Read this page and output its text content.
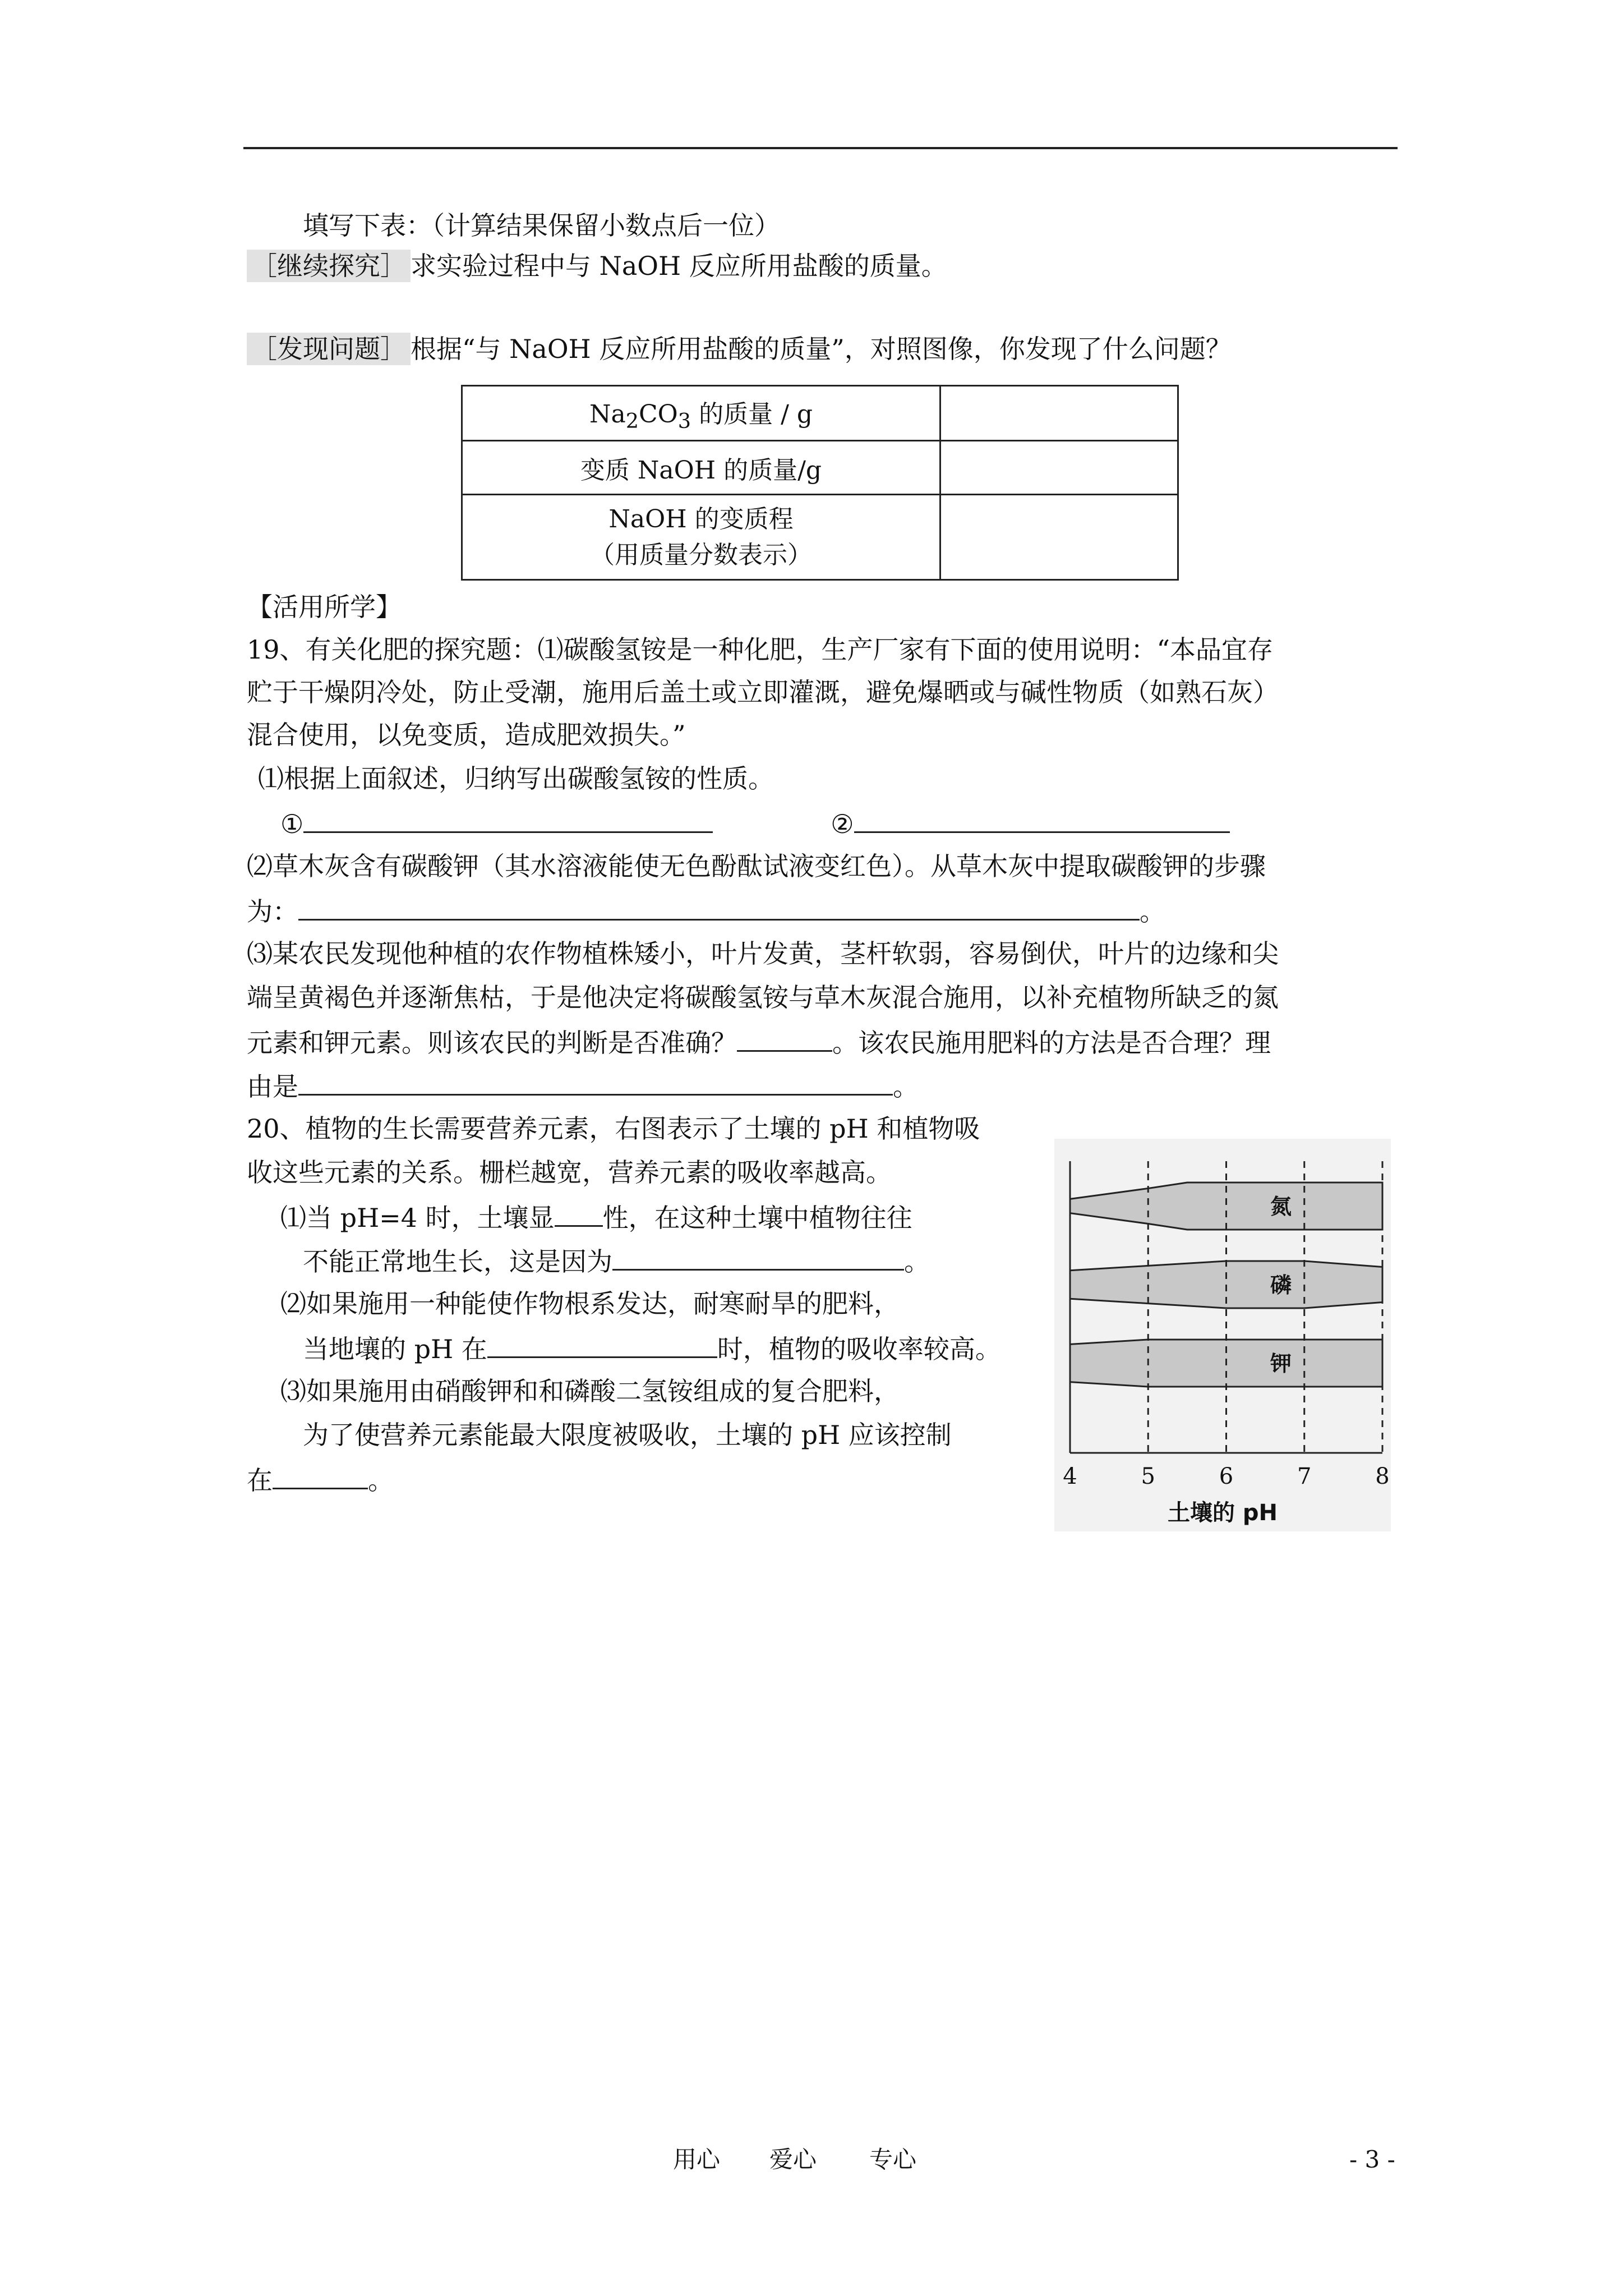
填写下表：（计算结果保留小数点后一位）
［继续探究］ 求实验过程中与 NaOH 反应所用盐酸的质量。
［发现问题］ 根据“与 NaOH 反应所用盐酸的质量”，对照图像，你发现了什么问题？
$Na_2CO_3$ 的质量 / g	
变质 NaOH 的质量/g	

NaOH 的变质程
（用质量分数表示）	

【活用所学】
19、有关化肥的探究题：⑴碳酸氢铵是一种化肥，生产厂家有下面的使用说明：“本品宜存
贮于干燥阴冷处，防止受潮，施用后盖土或立即灌溉，避免爆晒或与碱性物质（如熟石灰）
混合使用，以免变质，造成肥效损失。”
⑴根据上面叙述，归纳写出碳酸氢铵的性质。
①	②
⑵草木灰含有碳酸钾（其水溶液能使无色酚酞试液变红色）。从草木灰中提取碳酸钾的步骤
为：	。
⑶某农民发现他种植的农作物植株矮小，叶片发黄，茎杆软弱，容易倒伏，叶片的边缘和尖
端呈黄褐色并逐渐焦枯，于是他决定将碳酸氢铵与草木灰混合施用，以补充植物所缺乏的氮
元素和钾元素。则该农民的判断是否准确？	。该农民施用肥料的方法是否合理？理
由是	。
20、植物的生长需要营养元素，右图表示了土壤的 pH 和植物吸
收这些元素的关系。栅栏越宽，营养元素的吸收率越高。
⑴当 pH=4 时，土壤显 性，在这种土壤中植物往往
不能正常地生长，这是因为	。
⑵如果施用一种能使作物根系发达，耐寒耐旱的肥料，
当地壤的 pH 在	时，植物的吸收率较高。
⑶如果施用由硝酸钾和和磷酸二氢铵组成的复合肥料，
为了使营养元素能最大限度被吸收，土壤的 pH 应该控制
在	。
氮
磷
钾
4	5	6	7	8
土壤的 pH
用心 爱心 专心	- 3 -
